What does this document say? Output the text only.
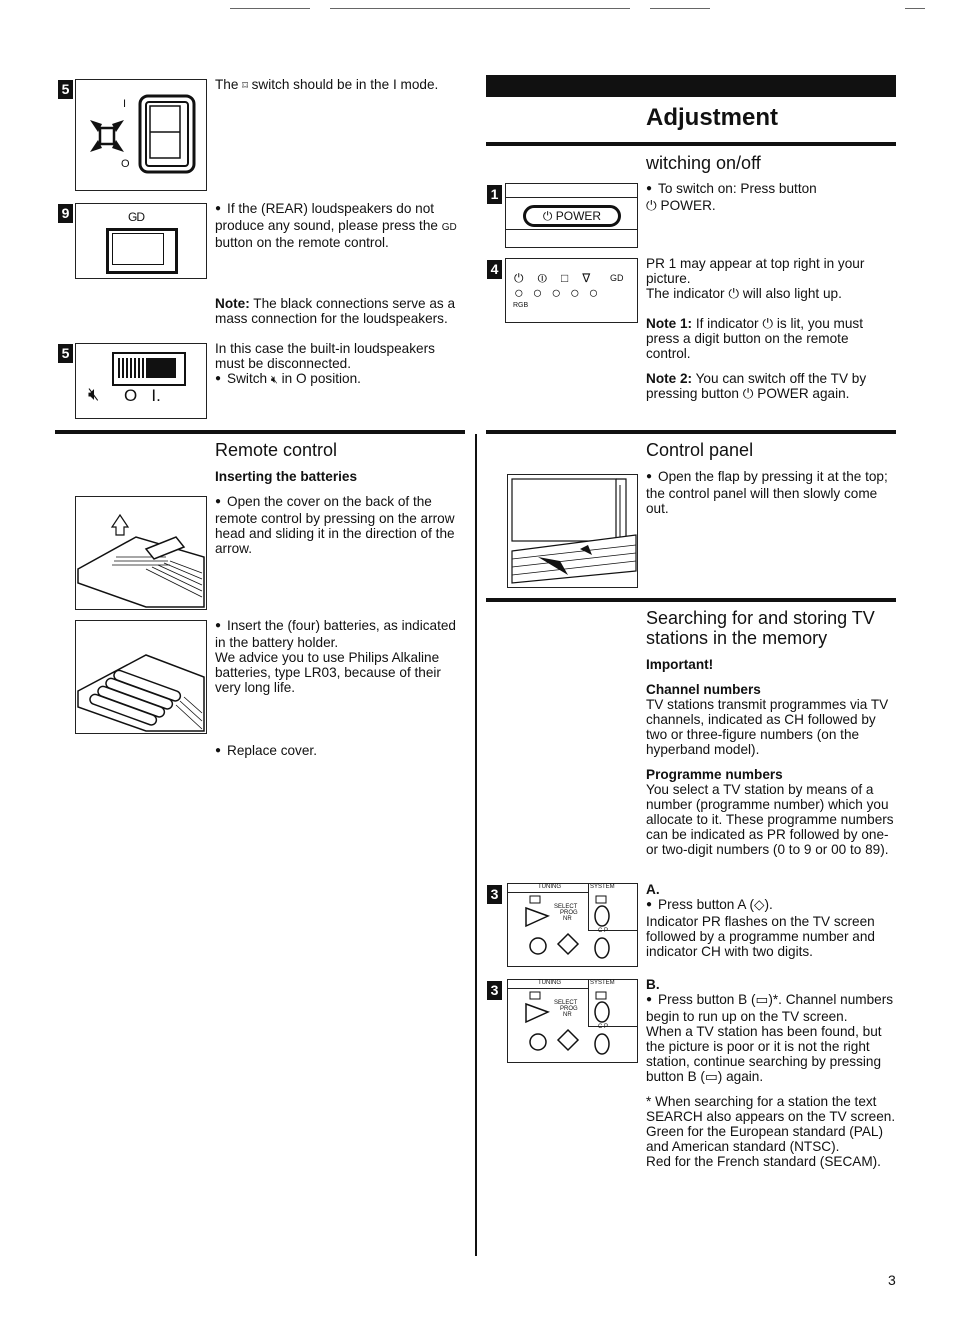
5
I
O
The ⌑ switch should be in the I mode.
9	GD

● If the (REAR) loudspeakers do not produce any sound, please press the GD button on the remote control.

Note: The black connections serve as a mass connection for the loudspeakers.

5
🔇︎ O   I.

In this case the built-in loudspeakers must be disconnected.

● Switch 🔇︎ in O position.

Remote control
Inserting the batteries

● Open the cover on the back of the remote control by pressing on the arrow head and sliding it in the direction of the arrow.

● Insert the (four) batteries, as indicated in the battery holder.

We advice you to use Philips Alkaline batteries, type LR03, because of their very long life.

● Replace cover.

Adjustment
witching on/off
1
⏻ POWER

● To switch on: Press button

⏻ POWER.

4
⏻⏼□∇ GD
○○○○○
RGB

PR 1 may appear at top right in your picture.

The indicator ⏻ will also light up.

Note 1: If indicator ⏻ is lit, you must press a digit button on the remote control.

Note 2: You can switch off the TV by pressing button ⏻ POWER again.

Control panel

● Open the flap by pressing it at the top; the control panel will then slowly come out.

Searching for and storing TV stations in the memory
Important!

Channel numbers

TV stations transmit programmes via TV channels, indicated as CH followed by two or three-figure numbers (on the hyperband model).

Programme numbers

You select a TV station by means of a number (programme number) which you allocate to it. These programme numbers can be indicated as PR followed by one- or two-digit numbers (0 to 9 or 00 to 89).

3	TUNING	SYSTEM
SELECT
PROG
NR
C P

A.

● Press button A (◇).

Indicator PR flashes on the TV screen followed by a programme number and indicator CH with two digits.

3	TUNING	SYSTEM
SELECT
PROG
NR
C P

B.

● Press button B (▭)*. Channel numbers begin to run up on the TV screen.

When a TV station has been found, but the picture is poor or it is not the right station, continue searching by pressing button B (▭) again.

* When searching for a station the text SEARCH also appears on the TV screen.

Green for the European standard (PAL) and American standard (NTSC).

Red for the French standard (SECAM).

3
